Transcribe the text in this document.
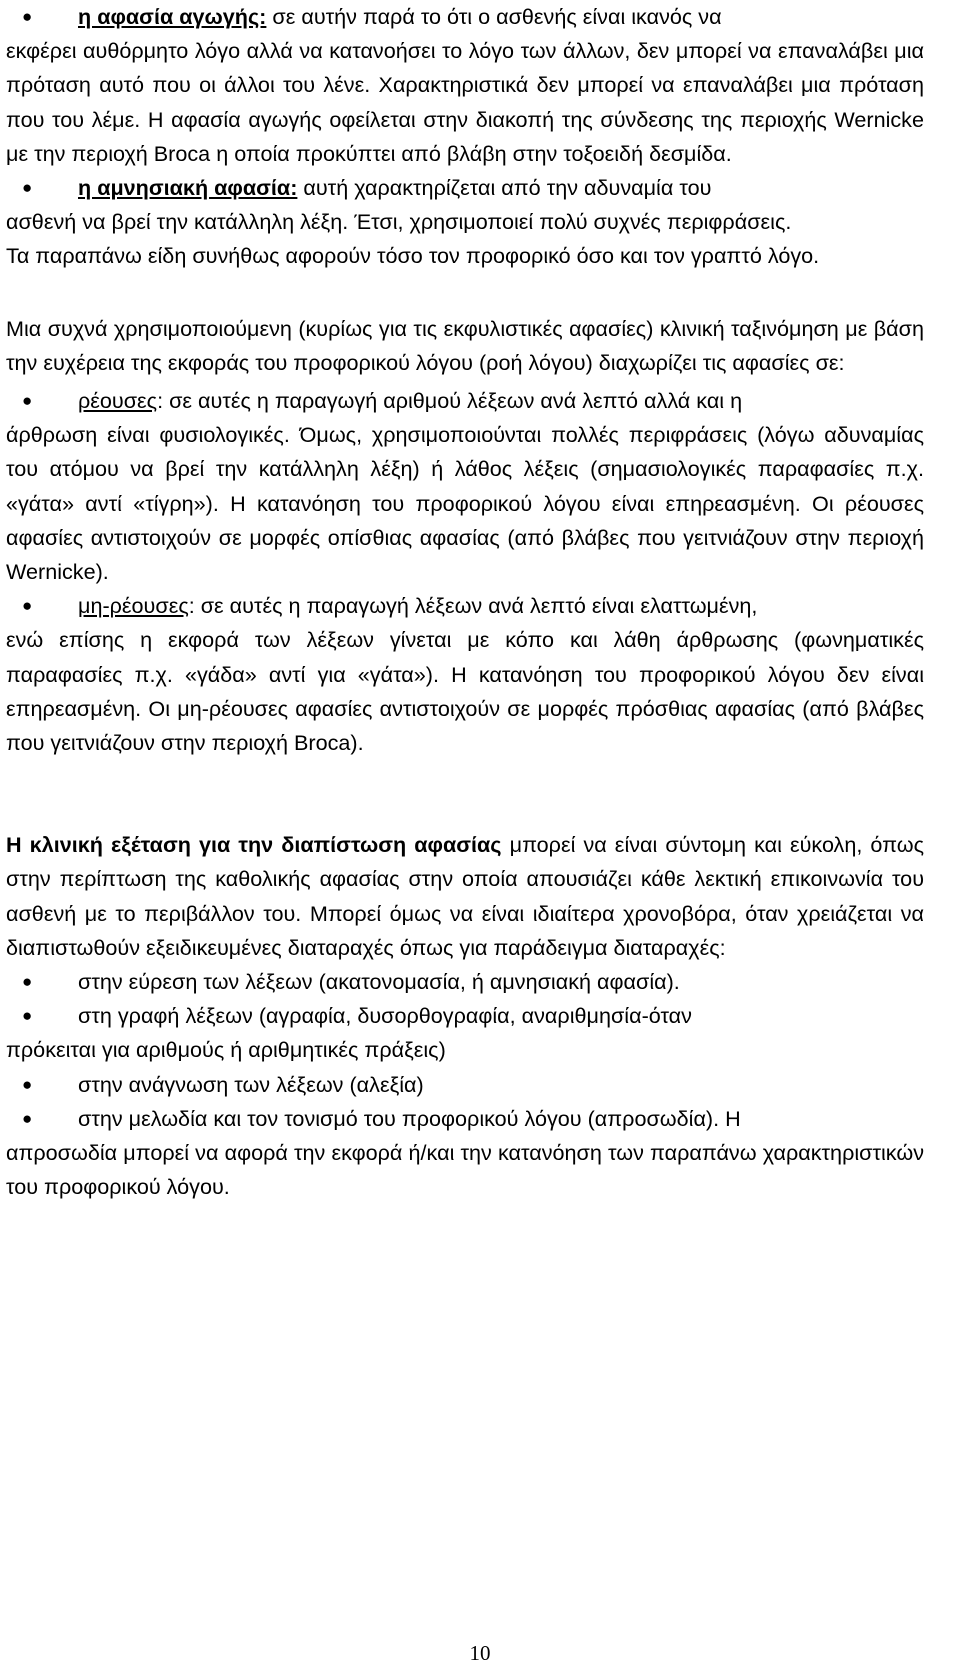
●	η αφασία αγωγής: σε αυτήν παρά το ότι ο ασθενής είναι ικανός να

εκφέρει αυθόρμητο λόγο αλλά να κατανοήσει το λόγο των άλλων, δεν μπορεί να επαναλάβει μια πρόταση αυτό που οι άλλοι του λένε. Χαρακτηριστικά δεν μπορεί να επαναλάβει μια πρόταση που του λέμε. Η αφασία αγωγής οφείλεται στην διακοπή της σύνδεσης της περιοχής Wernicke με την περιοχή Broca η οποία προκύπτει από βλάβη στην τοξοειδή δεσμίδα.

●	η αμνησιακή αφασία: αυτή χαρακτηρίζεται από την αδυναμία του

ασθενή να βρεί την κατάλληλη λέξη. Έτσι, χρησιμοποιεί πολύ συχνές περιφράσεις.

Τα παραπάνω είδη συνήθως αφορούν τόσο τον προφορικό όσο και τον γραπτό λόγο.

Μια συχνά χρησιμοποιούμενη (κυρίως για τις εκφυλιστικές αφασίες) κλινική ταξινόμηση με βάση την ευχέρεια της εκφοράς του προφορικού λόγου (ροή λόγου) διαχωρίζει τις αφασίες σε:

●	ρέουσες: σε αυτές η παραγωγή αριθμού λέξεων ανά λεπτό αλλά και η

άρθρωση είναι φυσιολογικές. Όμως, χρησιμοποιούνται πολλές περιφράσεις (λόγω αδυναμίας του ατόμου να βρεί την κατάλληλη λέξη) ή λάθος λέξεις (σημασιολογικές παραφασίες π.χ. «γάτα» αντί «τίγρη»). Η κατανόηση του προφορικού λόγου είναι επηρεασμένη. Οι ρέουσες αφασίες αντιστοιχούν σε μορφές οπίσθιας αφασίας (από βλάβες που γειτνιάζουν στην περιοχή Wernicke).

●	μη-ρέουσες: σε αυτές η παραγωγή λέξεων ανά λεπτό είναι ελαττωμένη,

ενώ επίσης η εκφορά των λέξεων γίνεται με κόπο και λάθη άρθρωσης (φωνηματικές παραφασίες π.χ. «γάδα» αντί για «γάτα»). Η κατανόηση του προφορικού λόγου δεν είναι επηρεασμένη. Οι μη-ρέουσες αφασίες αντιστοιχούν σε μορφές πρόσθιας αφασίας (από βλάβες που γειτνιάζουν στην περιοχή Broca).

Η κλινική εξέταση για την διαπίστωση αφασίας μπορεί να είναι σύντομη και εύκολη, όπως στην περίπτωση της καθολικής αφασίας στην οποία απουσιάζει κάθε λεκτική επικοινωνία του ασθενή με το περιβάλλον του. Μπορεί όμως να είναι ιδιαίτερα χρονοβόρα, όταν χρειάζεται να διαπιστωθούν εξειδικευμένες διαταραχές όπως για παράδειγμα διαταραχές:

●	στην εύρεση των λέξεων (ακατονομασία, ή αμνησιακή αφασία).
●	στη γραφή λέξεων (αγραφία, δυσορθογραφία, αναριθμησία-όταν

πρόκειται για αριθμούς ή αριθμητικές πράξεις)

●	στην ανάγνωση των λέξεων (αλεξία)
●	στην μελωδία και τον τονισμό του προφορικού λόγου (απροσωδία). Η

απροσωδία μπορεί να αφορά την εκφορά ή/και την κατανόηση των παραπάνω χαρακτηριστικών του προφορικού λόγου.

10
